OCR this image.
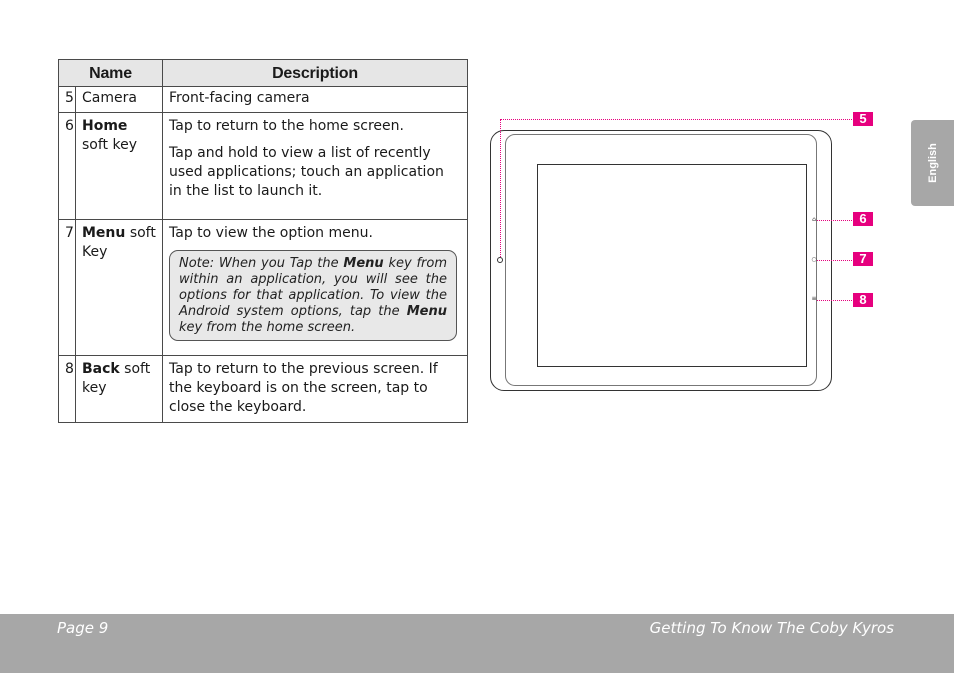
Name		Description
5	Camera	Front-facing camera

6	Home soft key	Tap to return to the home screen.

Tap and hold to view a list of recently used applications; touch an application in the list to launch it.

7	Menu soft Key	Tap to view the option menu.

Note: When you Tap the Menu key from within an application, you will see the options for that application. To view the Android system options, tap the Menu key from the home screen.

8	Back soft key	Tap to return to the previous screen. If the keyboard is on the screen, tap to close the keyboard.

⌂
○
≡
5
6
7
8
English
Page 9	Getting To Know The Coby Kyros
